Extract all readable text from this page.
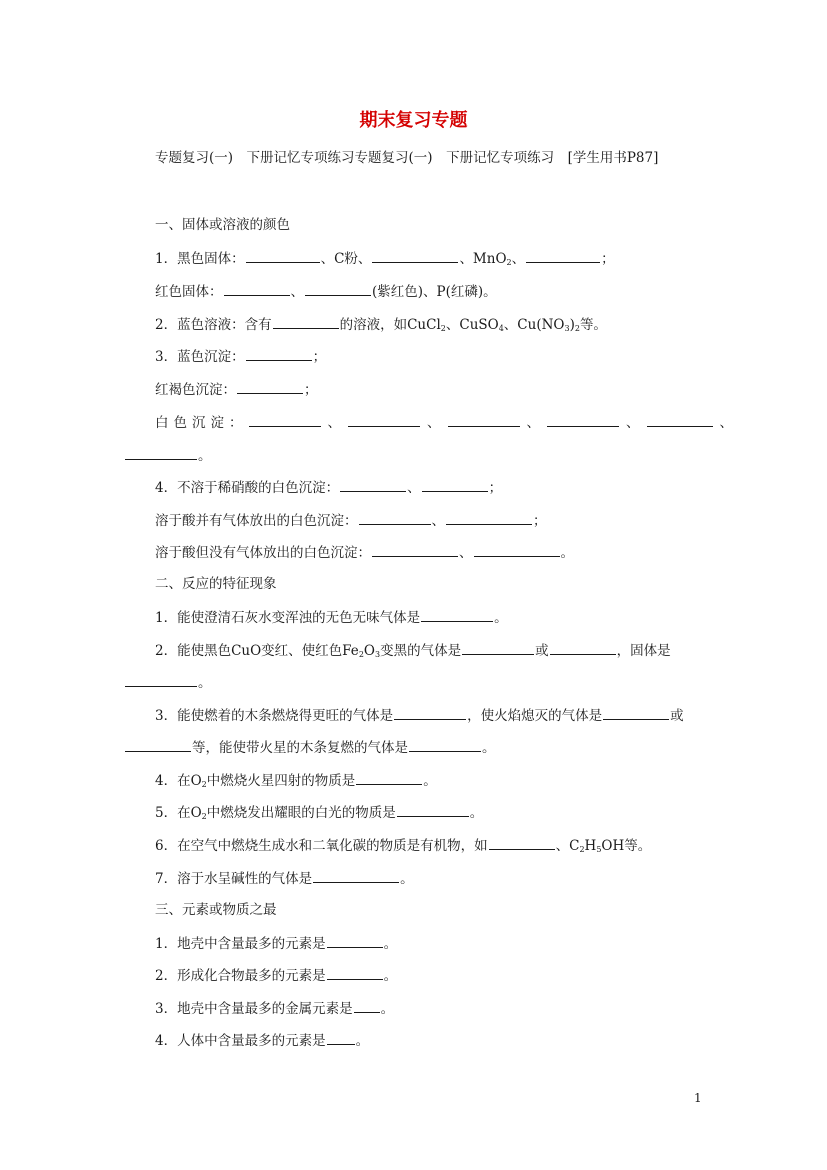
期末复习专题
专题复习(一)　下册记忆专项练习专题复习(一)　下册记忆专项练习　[学生用书P87]
一、固体或溶液的颜色
1．黑色固体：	、C粉、	、MnO$_2$、	；
红色固体：	、	(紫红色)、P(红磷)。
2．蓝色溶液：含有	的溶液，如CuCl$_2$、CuSO$_4$、$Cu(NO_3)_2$等。
3．蓝色沉淀：	；
红褐色沉淀：	；
白色沉淀：	、	、	、	、	、
。
4．不溶于稀硝酸的白色沉淀：	、	；
溶于酸并有气体放出的白色沉淀：	、	；
溶于酸但没有气体放出的白色沉淀：	、	。
二、反应的特征现象
1．能使澄清石灰水变浑浊的无色无味气体是	。
2．能使黑色CuO变红、使红色$Fe_2O_3$变黑的气体是	或	，固体是
。
3．能使燃着的木条燃烧得更旺的气体是	，使火焰熄灭的气体是	或
等，能使带火星的木条复燃的气体是	。
4．在$O_2$中燃烧火星四射的物质是	。
5．在$O_2$中燃烧发出耀眼的白光的物质是	。
6．在空气中燃烧生成水和二氧化碳的物质是有机物，如	、$C_2H_5OH$等。
7．溶于水呈碱性的气体是	。
三、元素或物质之最
1．地壳中含量最多的元素是	。
2．形成化合物最多的元素是	。
3．地壳中含量最多的金属元素是 。
4．人体中含量最多的元素是 。
1
